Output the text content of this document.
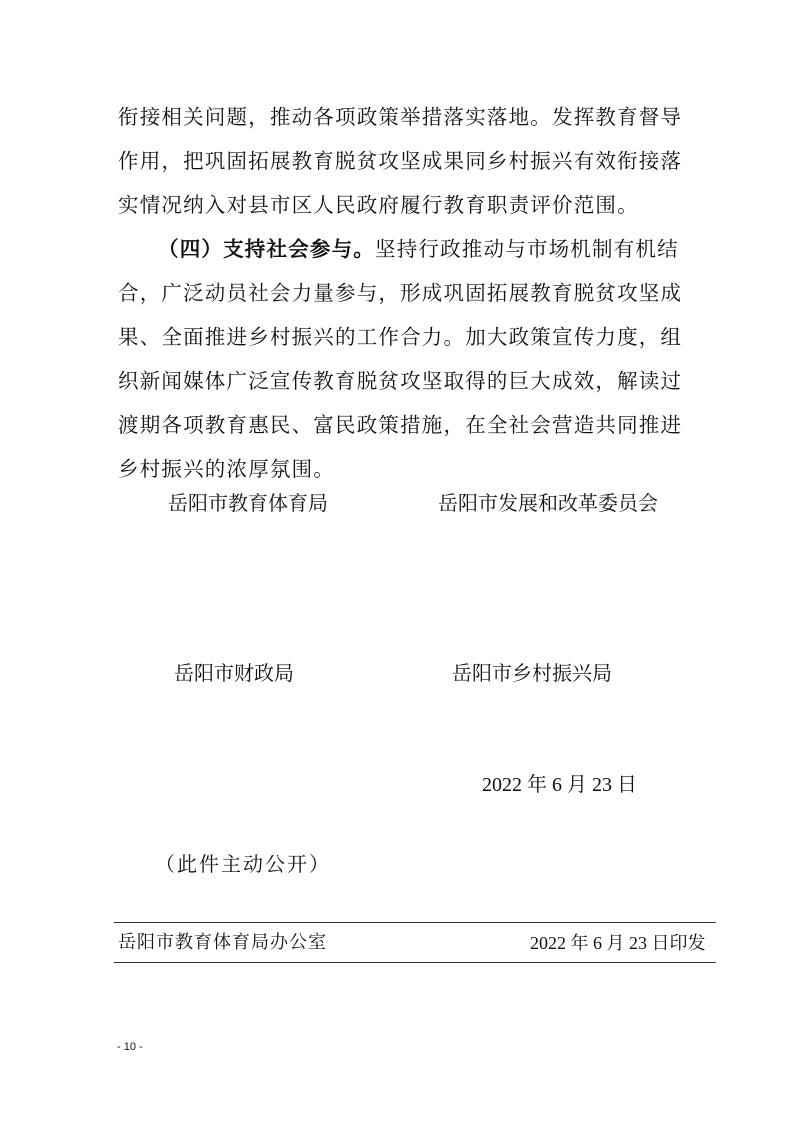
衔接相关问题，推动各项政策举措落实落地。发挥教育督导
作用，把巩固拓展教育脱贫攻坚成果同乡村振兴有效衔接落
实情况纳入对县市区人民政府履行教育职责评价范围。
（四）支持社会参与。坚持行政推动与市场机制有机结
合，广泛动员社会力量参与，形成巩固拓展教育脱贫攻坚成
果、全面推进乡村振兴的工作合力。加大政策宣传力度，组
织新闻媒体广泛宣传教育脱贫攻坚取得的巨大成效，解读过
渡期各项教育惠民、富民政策措施，在全社会营造共同推进
乡村振兴的浓厚氛围。
岳阳市教育体育局	岳阳市发展和改革委员会
岳阳市财政局	岳阳市乡村振兴局
2022 年 6 月 23 日
（此件主动公开）
岳阳市教育体育局办公室	2022 年 6 月 23 日印发
- 10 -
